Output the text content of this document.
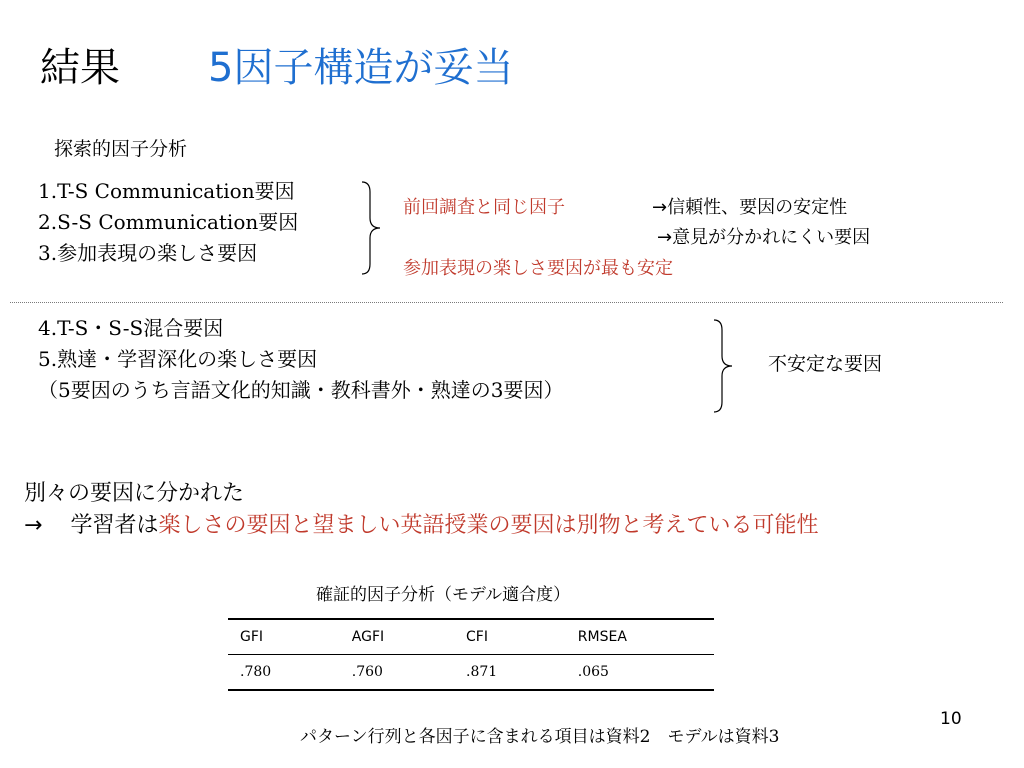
結果 5因子構造が妥当
探索的因子分析
1.T-S Communication要因
2.S-S Communication要因
3.参加表現の楽しさ要因
前回調査と同じ因子	→信頼性、要因の安定性
→意見が分かれにくい要因
参加表現の楽しさ要因が最も安定
4.T-S・S-S混合要因
5.熟達・学習深化の楽しさ要因
（5要因のうち言語文化的知識・教科書外・熟達の3要因）
不安定な要因
別々の要因に分かれた
→ 学習者は楽しさの要因と望ましい英語授業の要因は別物と考えている可能性
確証的因子分析（モデル適合度）
GFI	AGFI	CFI	RMSEA
.780	.760	.871	.065
10
パターン行列と各因子に含まれる項目は資料2　モデルは資料3
